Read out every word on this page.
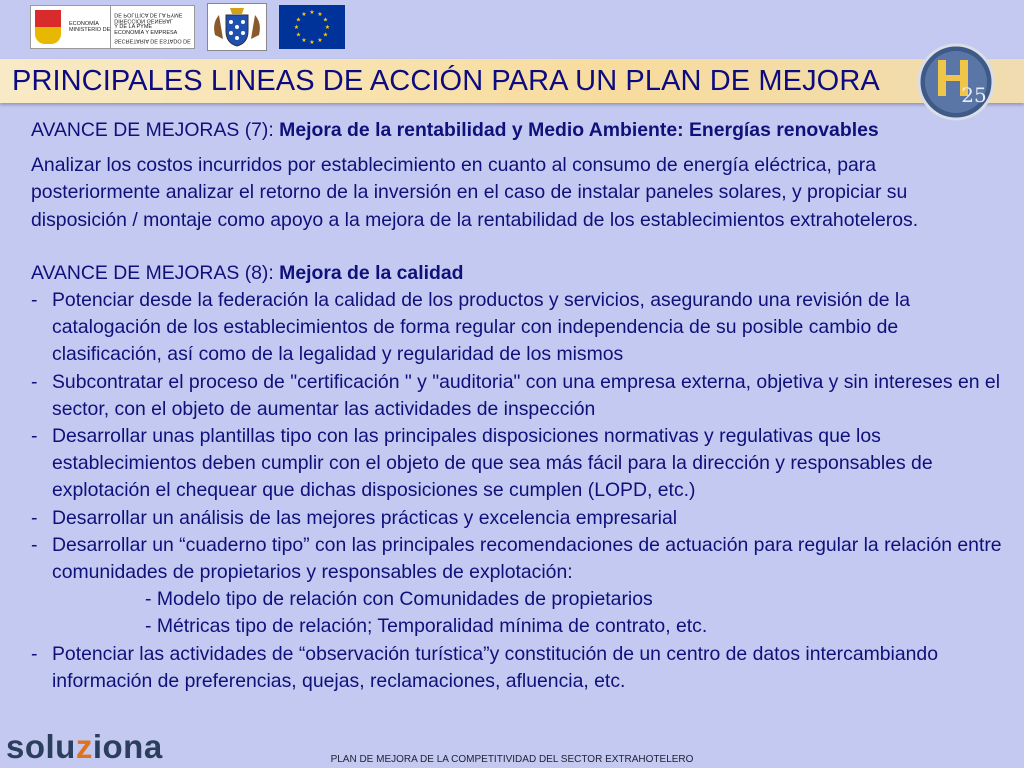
ECONOMÍA
MINISTERIO DE
DE POLÍTICA DE LA PYME
DIRECCIÓN GENERAL
Y DE LA PYME
ECONOMÍA Y EMPRESA
SECRETARÍA DE ESTADO DE
★ ★
★
★
★
★
★
★
★
★
★
★
PRINCIPALES LINEAS DE ACCIÓN PARA UN PLAN DE MEJORA	25

AVANCE DE MEJORAS (7): Mejora de la rentabilidad y Medio Ambiente: Energías renovables

Analizar los costos incurridos por establecimiento en cuanto al consumo de energía eléctrica, para posteriormente analizar el retorno de la inversión en el caso de instalar paneles solares, y propiciar su disposición / montaje como apoyo a la mejora de la rentabilidad de los establecimientos extrahoteleros.

AVANCE DE MEJORAS (8): Mejora de la calidad

- Potenciar desde la federación la calidad de los productos y servicios, asegurando una revisión de la catalogación de los establecimientos de forma regular con independencia de su posible cambio de clasificación, así como de la legalidad y regularidad de los mismos
- Subcontratar el proceso de "certificación " y "auditoria" con una empresa externa, objetiva y sin intereses en el sector, con el objeto de aumentar las actividades de inspección
- Desarrollar unas plantillas tipo con las principales disposiciones normativas y regulativas que los establecimientos deben cumplir con el objeto de que sea más fácil para la dirección y responsables de explotación el chequear que dichas disposiciones se cumplen (LOPD, etc.)
- Desarrollar un análisis de las mejores prácticas y excelencia empresarial
- Desarrollar un “cuaderno tipo” con las principales recomendaciones de actuación para regular la relación entre comunidades de propietarios y responsables de explotación:
- Modelo tipo de relación con Comunidades de propietarios
- Métricas tipo de relación; Temporalidad mínima de contrato, etc.
- Potenciar las actividades de “observación turística”y constitución de un centro de datos intercambiando información de preferencias, quejas, reclamaciones, afluencia, etc.
soluziona	PLAN DE MEJORA DE LA COMPETITIVIDAD DEL SECTOR EXTRAHOTELERO
